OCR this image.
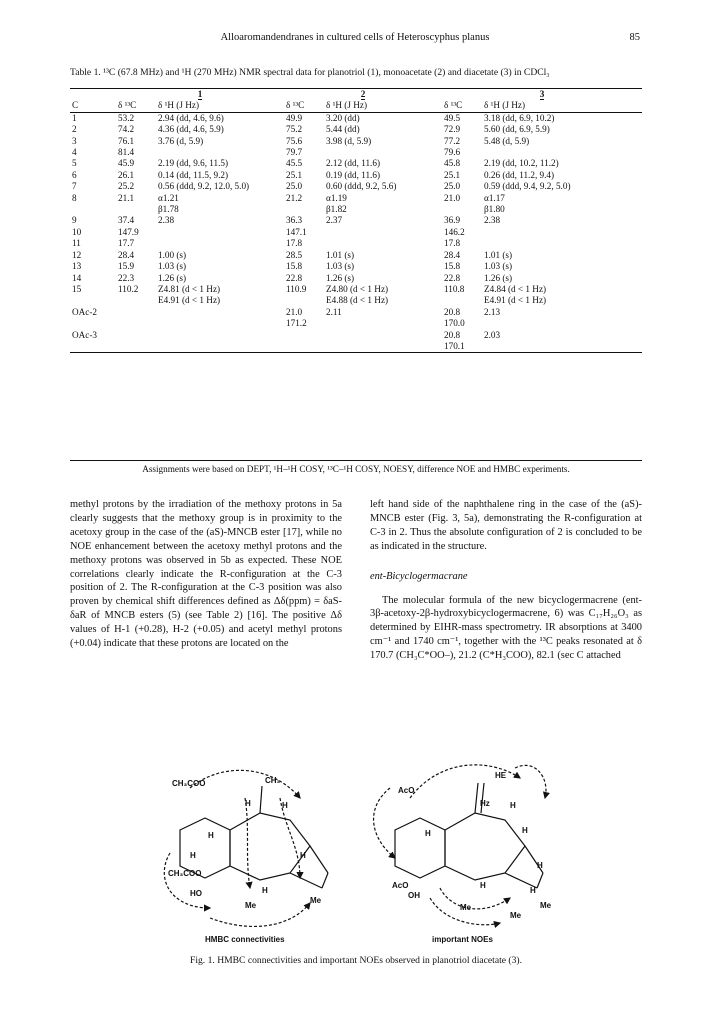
Alloaromandendranes in cultured cells of Heteroscyphus planus	85
Table 1. ¹³C (67.8 MHz) and ¹H (270 MHz) NMR spectral data for planotriol (1), monoacetate (2) and diacetate (3) in CDCl₃
	1		2		3	
C	δ ¹³C	δ ¹H (J Hz)	δ ¹³C	δ ¹H (J Hz)	δ ¹³C	δ ¹H (J Hz)
1	53.2	2.94 (dd, 4.6, 9.6)	49.9	3.20 (dd)	49.5	3.18 (dd, 6.9, 10.2)
2	74.2	4.36 (dd, 4.6, 5.9)	75.2	5.44 (dd)	72.9	5.60 (dd, 6.9, 5.9)
3	76.1	3.76 (d, 5.9)	75.6	3.98 (d, 5.9)	77.2	5.48 (d, 5.9)
4	81.4		79.7		79.6	
5	45.9	2.19 (dd, 9.6, 11.5)	45.5	2.12 (dd, 11.6)	45.8	2.19 (dd, 10.2, 11.2)
6	26.1	0.14 (dd, 11.5, 9.2)	25.1	0.19 (dd, 11.6)	25.1	0.26 (dd, 11.2, 9.4)
7	25.2	0.56 (ddd, 9.2, 12.0, 5.0)	25.0	0.60 (ddd, 9.2, 5.6)	25.0	0.59 (ddd, 9.4, 9.2, 5.0)
8	21.1	α1.21	21.2	α1.19	21.0	α1.17
		β1.78		β1.82		β1.80
9	37.4	2.38	36.3	2.37	36.9	2.38
10	147.9		147.1		146.2	
11	17.7		17.8		17.8	
12	28.4	1.00 (s)	28.5	1.01 (s)	28.4	1.01 (s)
13	15.9	1.03 (s)	15.8	1.03 (s)	15.8	1.03 (s)
14	22.3	1.26 (s)	22.8	1.26 (s)	22.8	1.26 (s)
15	110.2	Z4.81 (d < 1 Hz)	110.9	Z4.80 (d < 1 Hz)	110.8	Z4.84 (d < 1 Hz)
		E4.91 (d < 1 Hz)		E4.88 (d < 1 Hz)		E4.91 (d < 1 Hz)
OAc-2			21.0	2.11	20.8	2.13
			171.2		170.0	
OAc-3					20.8	2.03
					170.1	
Assignments were based on DEPT, ¹H–¹H COSY, ¹³C–¹H COSY, NOESY, difference NOE and HMBC experiments.

methyl protons by the irradiation of the methoxy protons in 5a clearly suggests that the methoxy group is in proximity to the acetoxy group in the case of the (aS)-MNCB ester [17], while no NOE enhancement between the acetoxy methyl protons and the methoxy protons was observed in 5b as expected. These NOE correlations clearly indicate the R-configuration at the C-3 position of 2. The R-configuration at the C-3 position was also proven by chemical shift differences defined as Δδ(ppm) = δaS-δaR of MNCB esters (5) (see Table 2) [16]. The positive Δδ values of H-1 (+0.28), H-2 (+0.05) and acetyl methyl protons (+0.04) indicate that these protons are located on the

left hand side of the naphthalene ring in the case of the (aS)-MNCB ester (Fig. 3, 5a), demonstrating the R-configuration at C-3 in 2. Thus the absolute configuration of 2 is concluded to be as indicated in the structure.

ent-Bicyclogermacrane

The molecular formula of the new bicyclogermacrene (ent-3β-acetoxy-2β-hydroxybicyclogermacrene, 6) was C₁₇H₂₆O₃ as determined by EIHR-mass spectrometry. IR absorptions at 3400 cm⁻¹ and 1740 cm⁻¹, together with the ¹³C peaks resonated at δ 170.7 (CH₃C*OO–), 21.2 (C*H₃COO), 82.1 (sec C attached

CH₃COO
CH₃COO
HO
CH₃
H	H
H
H	H
H
Me
Me
AcO
AcO
OH
Hz
HE
H
H	H
H
H
H
Me
Me
Me
HMBC connectivities	important NOEs
Fig. 1. HMBC connectivities and important NOEs observed in planotriol diacetate (3).
